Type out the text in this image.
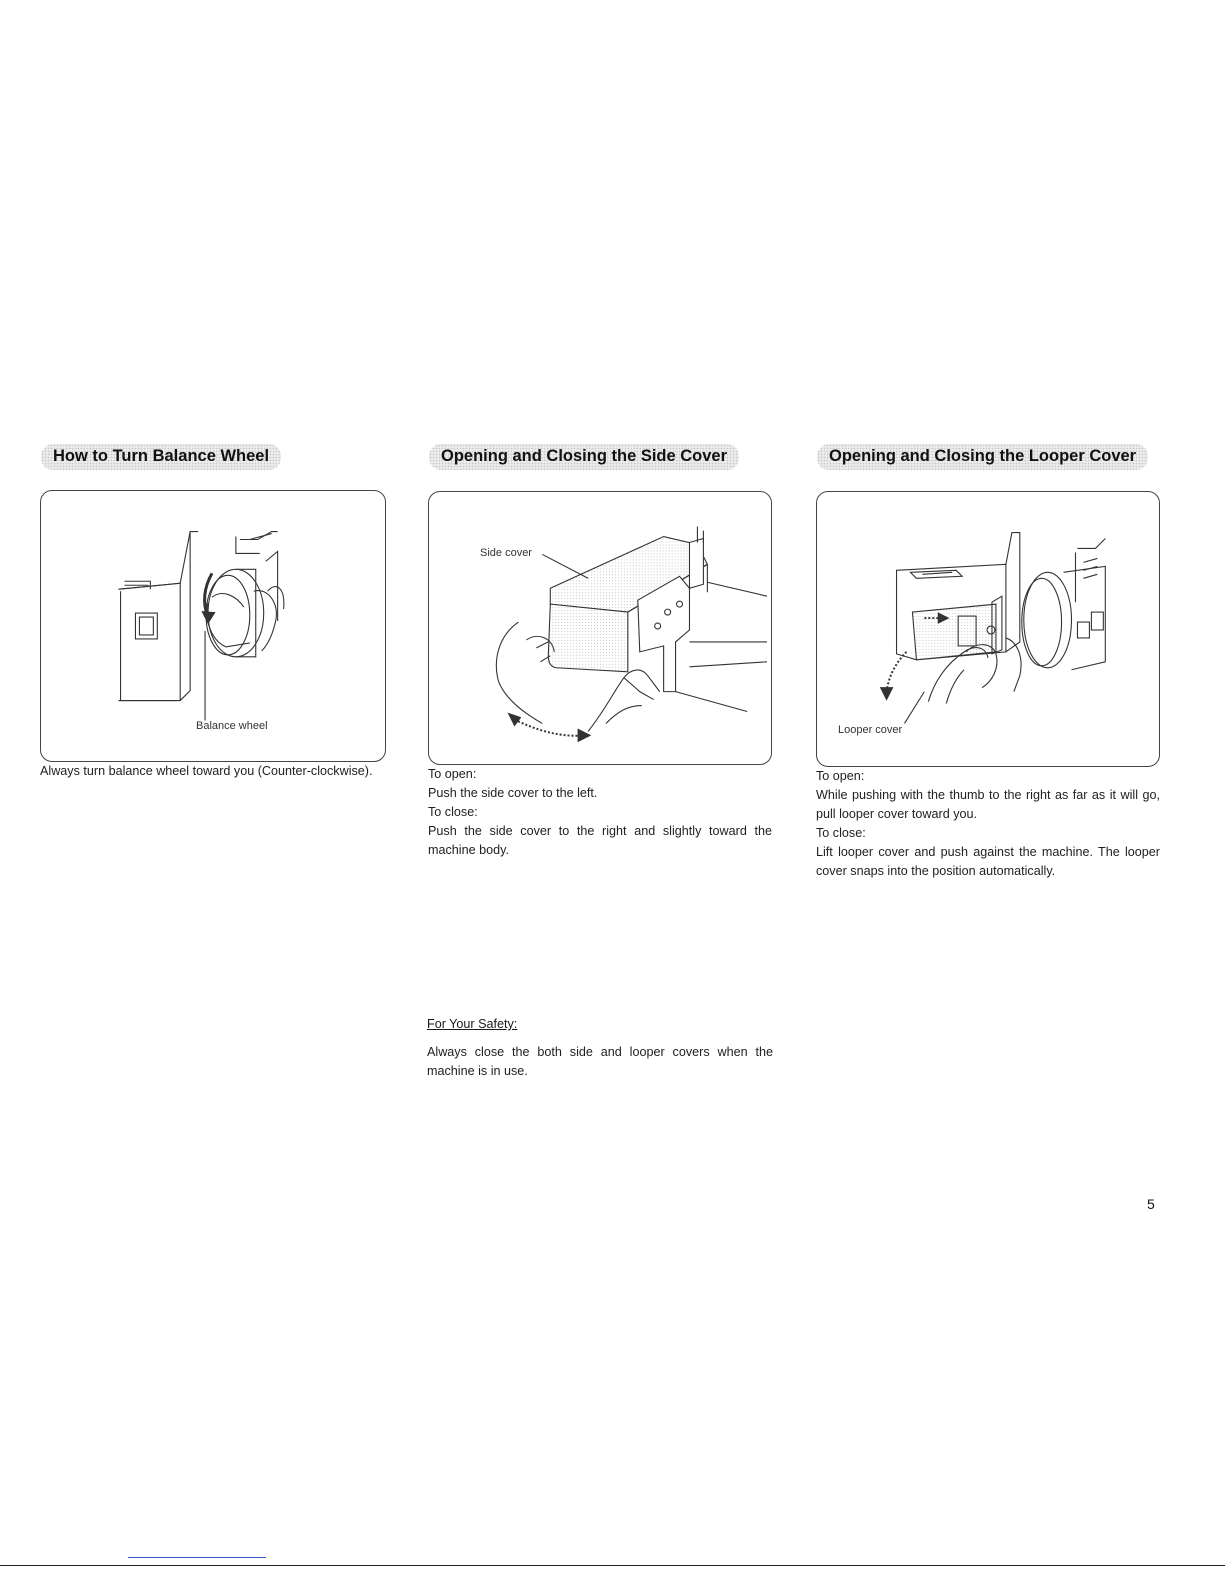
How to Turn Balance Wheel
Balance wheel

Always turn balance wheel toward you (Counter-clockwise).

Opening and Closing the Side Cover
Side cover

To open:

Push the side cover to the left.

To close:

Push the side cover to the right and slightly toward the machine body.

Opening and Closing the Looper Cover
Looper cover

To open:

While pushing with the thumb to the right as far as it will go, pull looper cover toward you.

To close:

Lift looper cover and push against the machine. The looper cover snaps into the position automatically.

For Your Safety:

Always close the both side and looper covers when the machine is in use.

5
